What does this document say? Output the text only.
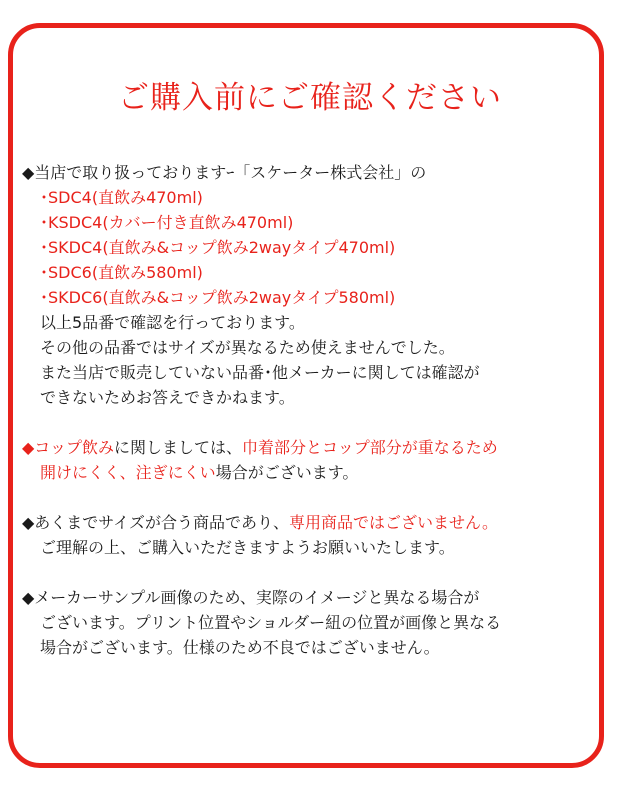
ご購入前にご確認ください
◆当店で取り扱っておりますｰ「スケーター株式会社」の
･SDC4(直飲み470ml)
･KSDC4(カバー付き直飲み470ml)
･SKDC4(直飲み&コップ飲み2wayタイプ470ml)
･SDC6(直飲み580ml)
･SKDC6(直飲み&コップ飲み2wayタイプ580ml)
以上5品番で確認を行っております。
その他の品番ではサイズが異なるため使えませんでした。
また当店で販売していない品番･他メーカーに関しては確認が
できないためお答えできかねます。
◆コップ飲みに関しましては、巾着部分とコップ部分が重なるため
開けにくく、注ぎにくい場合がございます。
◆あくまでサイズが合う商品であり、専用商品ではございません。
ご理解の上、ご購入いただきますようお願いいたします。
◆メーカーサンプル画像のため、実際のイメージと異なる場合が
ございます。プリント位置やショルダー紐の位置が画像と異なる
場合がございます。仕様のため不良ではございません。
